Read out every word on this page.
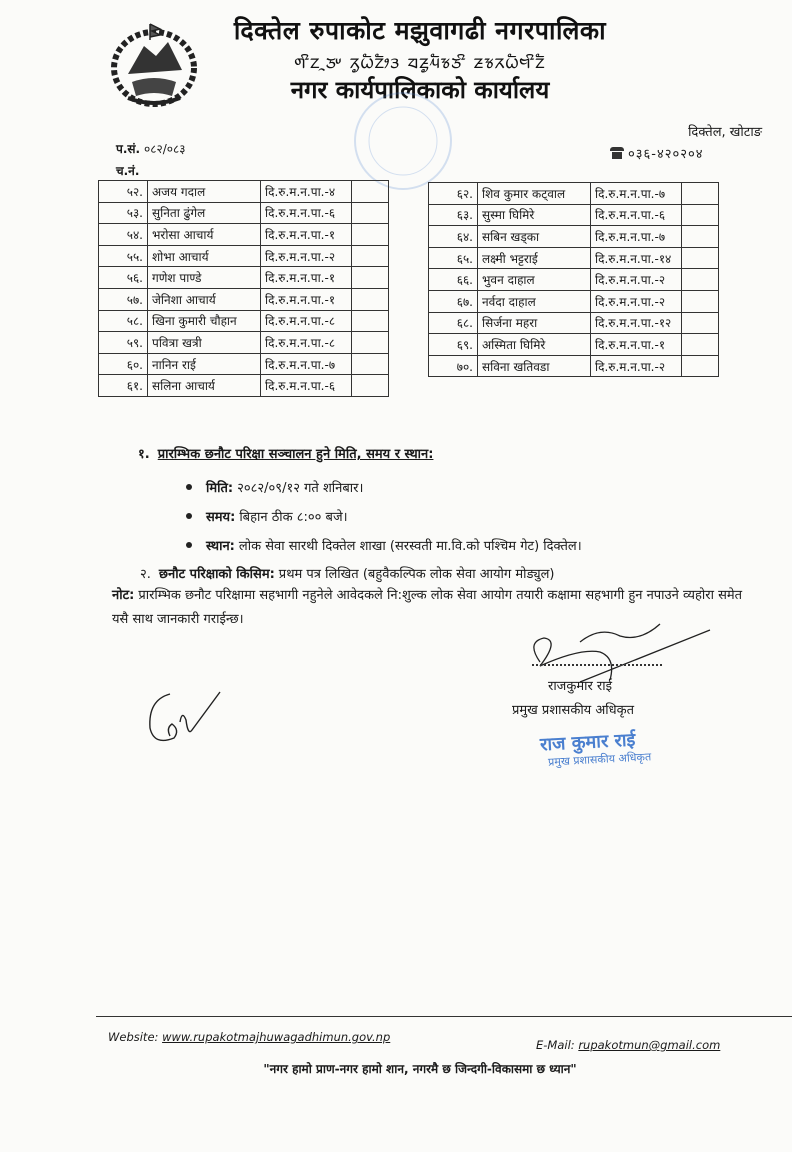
दिक्तेल रुपाकोट मझुवागढी नगरपालिका
ᤛᤡᤁᤳᤍᤸ ᤖᤢᤐᤠᤁᤥᤋ ᤔᤏᤢᤘᤠᤃᤍᤡ ᤏᤃᤖᤐᤠᤗᤡᤁᤠ
नगर कार्यपालिकाको कार्यालय
प.सं. ०८२/०८३
च.नं.
दिक्तेल, खोटाङ
०३६-४२०२०४
५२.	अजय गदाल	दि.रु.म.न.पा.-४	
५३.	सुनिता ढुंगेल	दि.रु.म.न.पा.-६	
५४.	भरोसा आचार्य	दि.रु.म.न.पा.-१	
५५.	शोभा आचार्य	दि.रु.म.न.पा.-२	
५६.	गणेश पाण्डे	दि.रु.म.न.पा.-१	
५७.	जेनिशा आचार्य	दि.रु.म.न.पा.-१	
५८.	खिना कुमारी चौहान	दि.रु.म.न.पा.-८	
५९.	पवित्रा खत्री	दि.रु.म.न.पा.-८	
६०.	नानिन राई	दि.रु.म.न.पा.-७	
६१.	सलिना आचार्य	दि.रु.म.न.पा.-६	
६२.	शिव कुमार कट्वाल	दि.रु.म.न.पा.-७	
६३.	सुस्मा घिमिरे	दि.रु.म.न.पा.-६	
६४.	सबिन खड्का	दि.रु.म.न.पा.-७	
६५.	लक्ष्मी भट्टराई	दि.रु.म.न.पा.-१४	
६६.	भुवन दाहाल	दि.रु.म.न.पा.-२	
६७.	नर्वदा दाहाल	दि.रु.म.न.पा.-२	
६८.	सिर्जना महरा	दि.रु.म.न.पा.-१२	
६९.	अस्मिता घिमिरे	दि.रु.म.न.पा.-१	
७०.	सविना खतिवडा	दि.रु.म.न.पा.-२	
१. प्रारम्भिक छनौट परिक्षा सञ्चालन हुने मिति, समय र स्थान:
मिति: २०८२/०९/१२ गते शनिबार।
समय: बिहान ठीक ८:०० बजे।
स्थान: लोक सेवा सारथी दिक्तेल शाखा (सरस्वती मा.वि.को पश्चिम गेट) दिक्तेल।
२. छनौट परिक्षाको किसिम: प्रथम पत्र लिखित (बहुवैकल्पिक लोक सेवा आयोग मोड्युल)
नोट: प्रारम्भिक छनौट परिक्षामा सहभागी नहुनेले आवेदकले नि:शुल्क लोक सेवा आयोग तयारी कक्षामा सहभागी हुन नपाउने व्यहोरा समेत यसै साथ जानकारी गराईन्छ।
राजकुमार राई
प्रमुख प्रशासकीय अधिकृत
राज कुमार राई
प्रमुख प्रशासकीय अधिकृत
Website: www.rupakotmajhuwagadhimun.gov.np
E-Mail: rupakotmun@gmail.com
"नगर हामो प्राण-नगर हामो शान, नगरमै छ जिन्दगी-विकासमा छ ध्यान"
